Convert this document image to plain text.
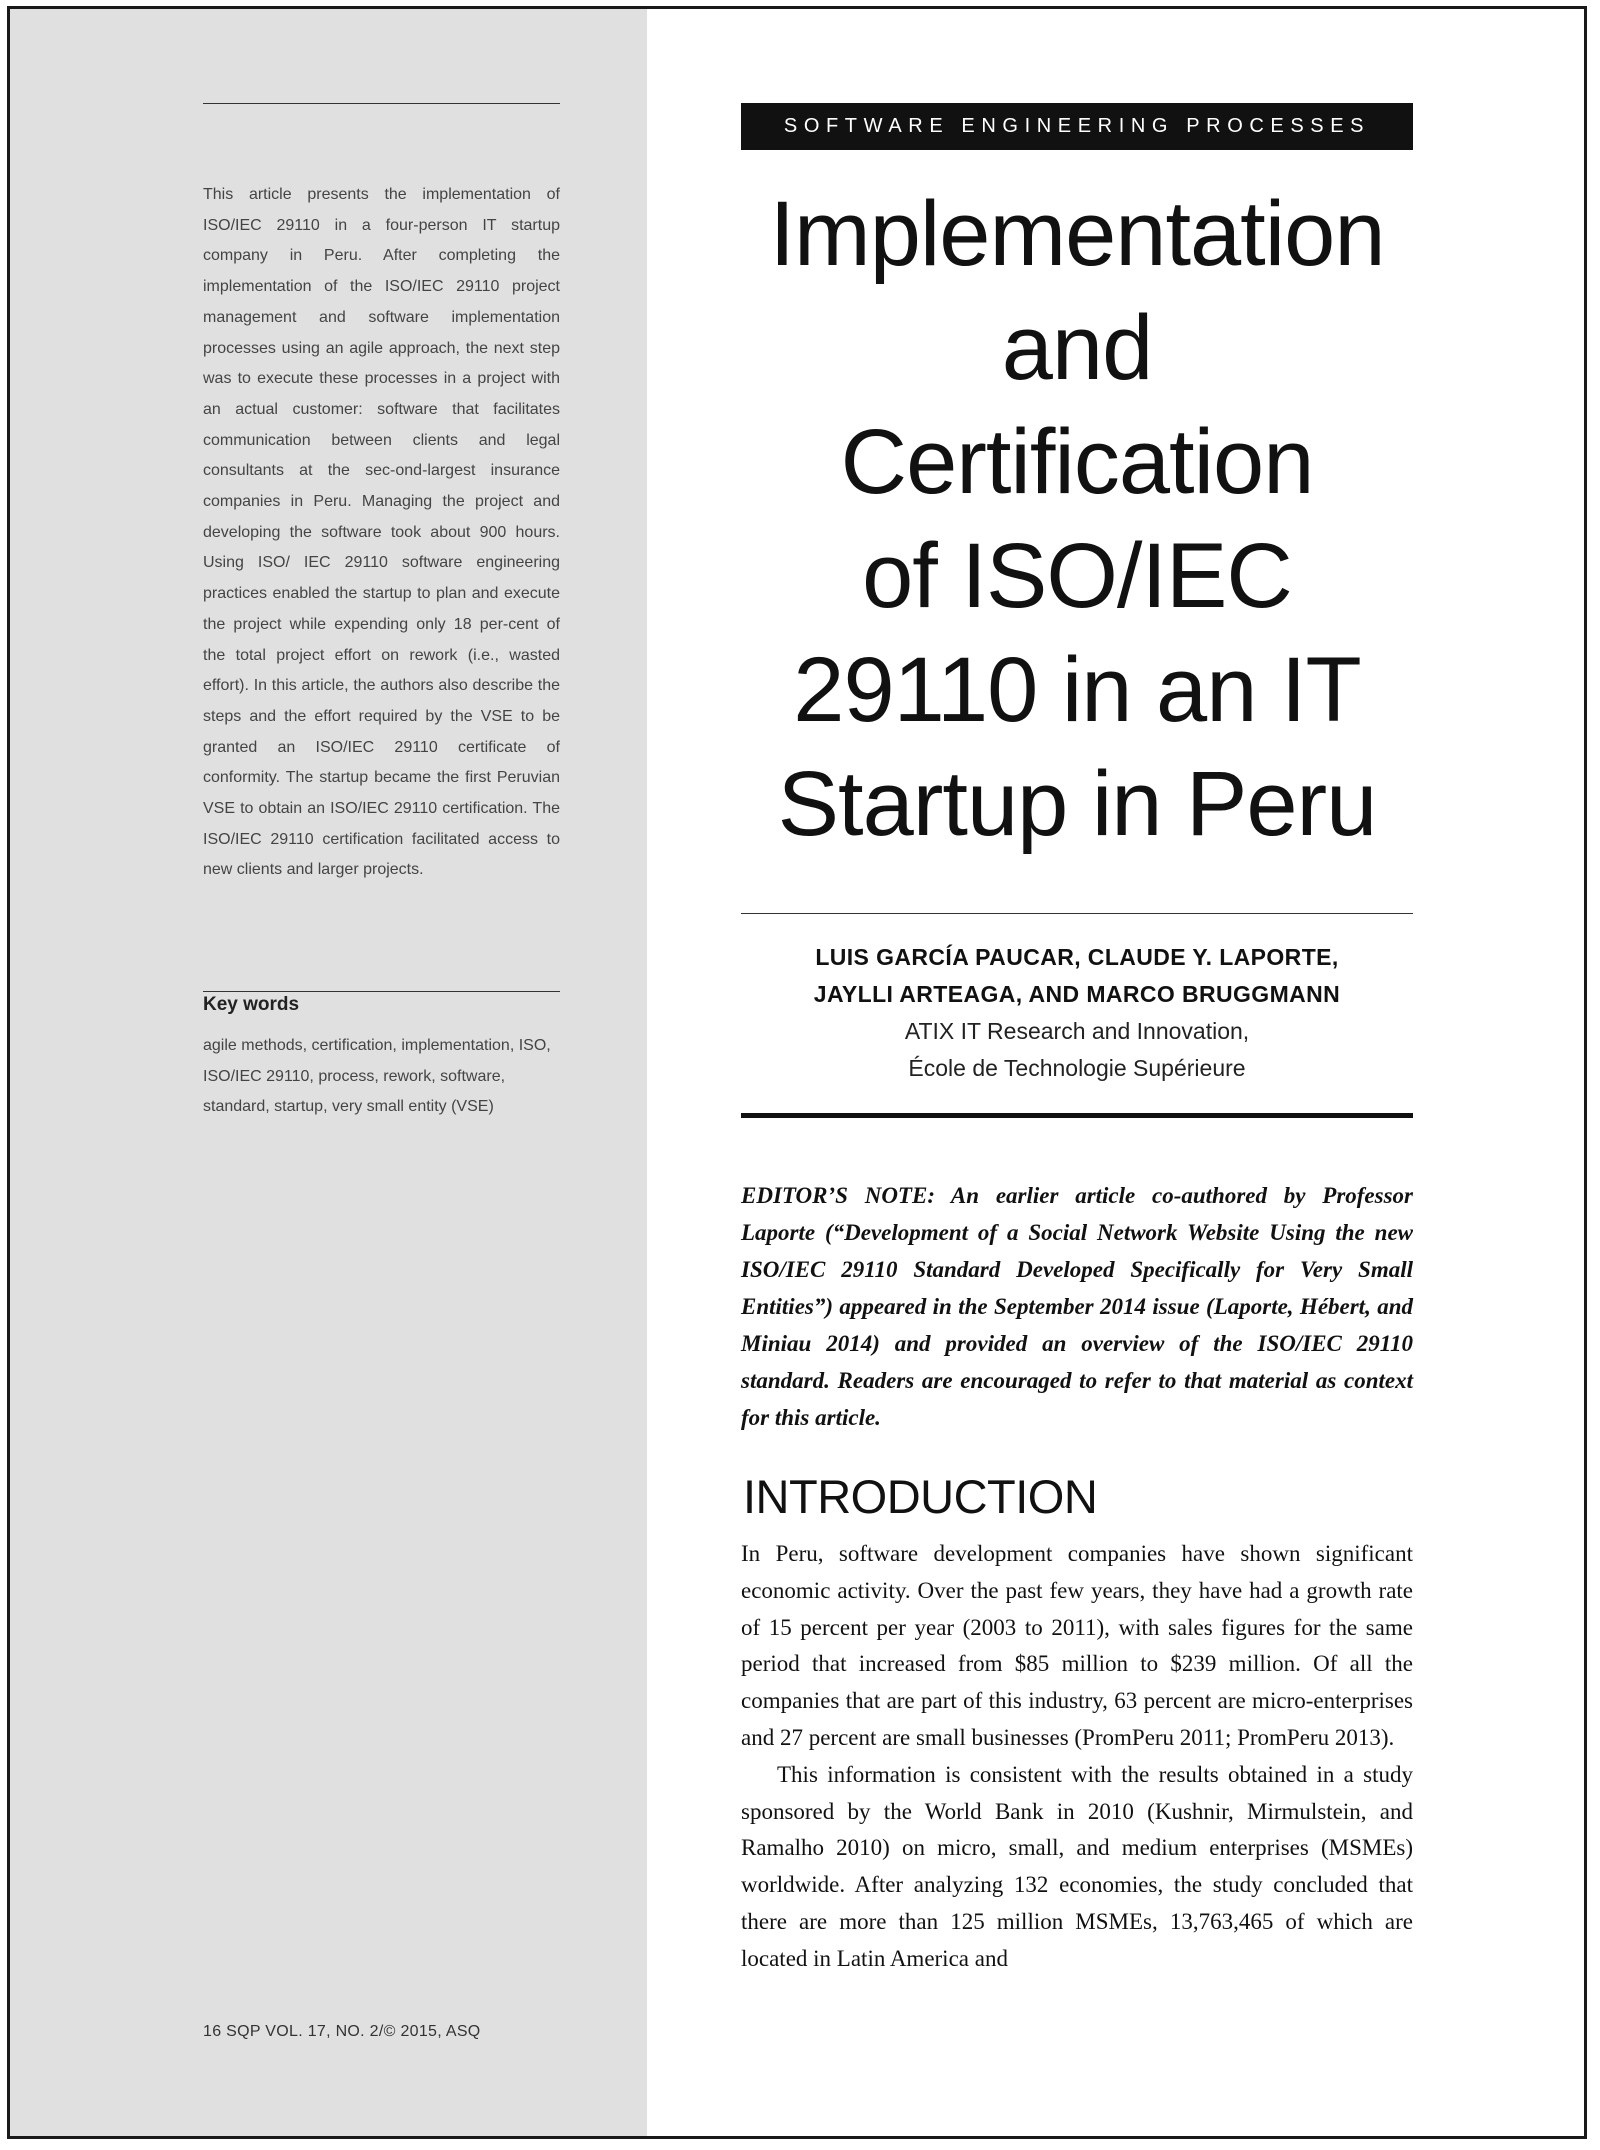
This article presents the implementation of ISO/IEC 29110 in a four-person IT startup company in Peru. After completing the implementation of the ISO/IEC 29110 project management and software implementation processes using an agile approach, the next step was to execute these processes in a project with an actual customer: software that facilitates communication between clients and legal consultants at the sec-ond-largest insurance companies in Peru. Managing the project and developing the software took about 900 hours. Using ISO/ IEC 29110 software engineering practices enabled the startup to plan and execute the project while expending only 18 per-cent of the total project effort on rework (i.e., wasted effort). In this article, the authors also describe the steps and the effort required by the VSE to be granted an ISO/IEC 29110 certificate of conformity. The startup became the first Peruvian VSE to obtain an ISO/IEC 29110 certification. The ISO/IEC 29110 certification facilitated access to new clients and larger projects.

Key words
agile methods, certification, implementation, ISO, ISO/IEC 29110, process, rework, software, standard, startup, very small entity (VSE)
16 SQP VOL. 17, NO. 2/© 2015, ASQ
SOFTWARE ENGINEERING PROCESSES
Implementation
and
Certification
of ISO/IEC
29110 in an IT
Startup in Peru
LUIS GARCÍA PAUCAR, CLAUDE Y. LAPORTE,
JAYLLI ARTEAGA, AND MARCO BRUGGMANN
ATIX IT Research and Innovation,
École de Technologie Supérieure
EDITOR’S NOTE: An earlier article co-authored by Professor Laporte (“Development of a Social Network Website Using the new ISO/IEC 29110 Standard Developed Specifically for Very Small Entities”) appeared in the September 2014 issue (Laporte, Hébert, and Miniau 2014) and provided an overview of the ISO/IEC 29110 standard. Readers are encouraged to refer to that material as context for this article.
INTRODUCTION

In Peru, software development companies have shown significant economic activity. Over the past few years, they have had a growth rate of 15 percent per year (2003 to 2011), with sales figures for the same period that increased from $85 million to $239 million. Of all the companies that are part of this industry, 63 percent are micro-enterprises and 27 percent are small businesses (PromPeru 2011; PromPeru 2013).

This information is consistent with the results obtained in a study sponsored by the World Bank in 2010 (Kushnir, Mirmulstein, and Ramalho 2010) on micro, small, and medium enterprises (MSMEs) worldwide. After analyzing 132 economies, the study concluded that there are more than 125 million MSMEs, 13,763,465 of which are located in Latin America and
